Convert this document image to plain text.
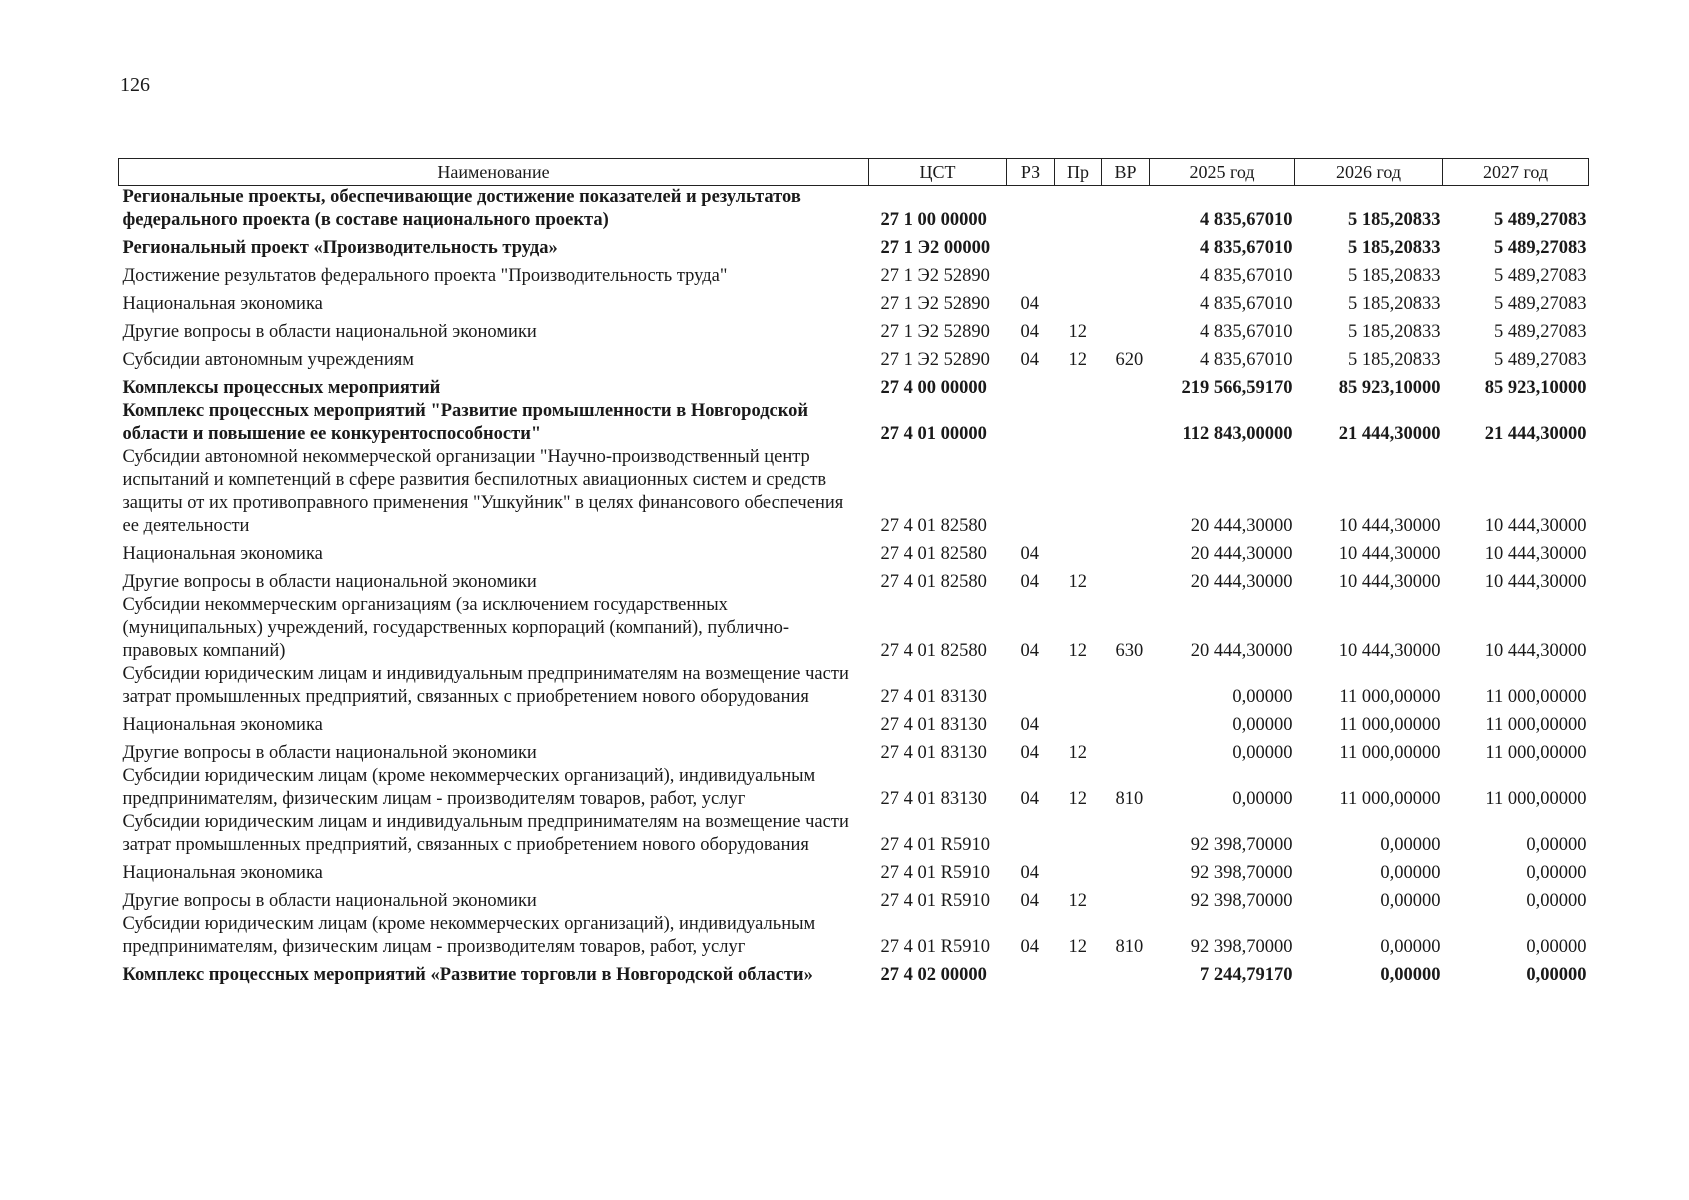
126
Наименование	ЦСТ	РЗ	Пр	ВР	2025 год	2026 год	2027 год
Региональные проекты, обеспечивающие достижение показателей и результатов федерального проекта (в составе национального проекта)	27 1 00 00000				4 835,67010	5 185,20833	5 489,27083
Региональный проект «Производительность труда»	27 1 Э2 00000				4 835,67010	5 185,20833	5 489,27083
Достижение результатов федерального проекта "Производительность труда"	27 1 Э2 52890				4 835,67010	5 185,20833	5 489,27083
Национальная экономика	27 1 Э2 52890	04			4 835,67010	5 185,20833	5 489,27083
Другие вопросы в области национальной экономики	27 1 Э2 52890	04	12		4 835,67010	5 185,20833	5 489,27083
Субсидии автономным учреждениям	27 1 Э2 52890	04	12	620	4 835,67010	5 185,20833	5 489,27083
Комплексы процессных мероприятий	27 4 00 00000				219 566,59170	85 923,10000	85 923,10000
Комплекс процессных мероприятий "Развитие промышленности в Новгородской области и повышение ее конкурентоспособности"	27 4 01 00000				112 843,00000	21 444,30000	21 444,30000
Субсидии автономной некоммерческой организации "Научно-производственный центр испытаний и компетенций в сфере развития беспилотных авиационных систем и средств защиты от их противоправного применения "Ушкуйник" в целях финансового обеспечения ее деятельности	27 4 01 82580				20 444,30000	10 444,30000	10 444,30000
Национальная экономика	27 4 01 82580	04			20 444,30000	10 444,30000	10 444,30000
Другие вопросы в области национальной экономики	27 4 01 82580	04	12		20 444,30000	10 444,30000	10 444,30000
Субсидии некоммерческим организациям (за исключением государственных (муниципальных) учреждений, государственных корпораций (компаний), публично-правовых компаний)	27 4 01 82580	04	12	630	20 444,30000	10 444,30000	10 444,30000
Субсидии юридическим лицам и индивидуальным предпринимателям на возмещение части затрат промышленных предприятий, связанных с приобретением нового оборудования	27 4 01 83130				0,00000	11 000,00000	11 000,00000
Национальная экономика	27 4 01 83130	04			0,00000	11 000,00000	11 000,00000
Другие вопросы в области национальной экономики	27 4 01 83130	04	12		0,00000	11 000,00000	11 000,00000
Субсидии юридическим лицам (кроме некоммерческих организаций), индивидуальным предпринимателям, физическим лицам - производителям товаров, работ, услуг	27 4 01 83130	04	12	810	0,00000	11 000,00000	11 000,00000
Субсидии юридическим лицам и индивидуальным предпринимателям на возмещение части затрат промышленных предприятий, связанных с приобретением нового оборудования	27 4 01 R5910				92 398,70000	0,00000	0,00000
Национальная экономика	27 4 01 R5910	04			92 398,70000	0,00000	0,00000
Другие вопросы в области национальной экономики	27 4 01 R5910	04	12		92 398,70000	0,00000	0,00000
Субсидии юридическим лицам (кроме некоммерческих организаций), индивидуальным предпринимателям, физическим лицам - производителям товаров, работ, услуг	27 4 01 R5910	04	12	810	92 398,70000	0,00000	0,00000
Комплекс процессных мероприятий «Развитие торговли в Новгородской области»	27 4 02 00000				7 244,79170	0,00000	0,00000
